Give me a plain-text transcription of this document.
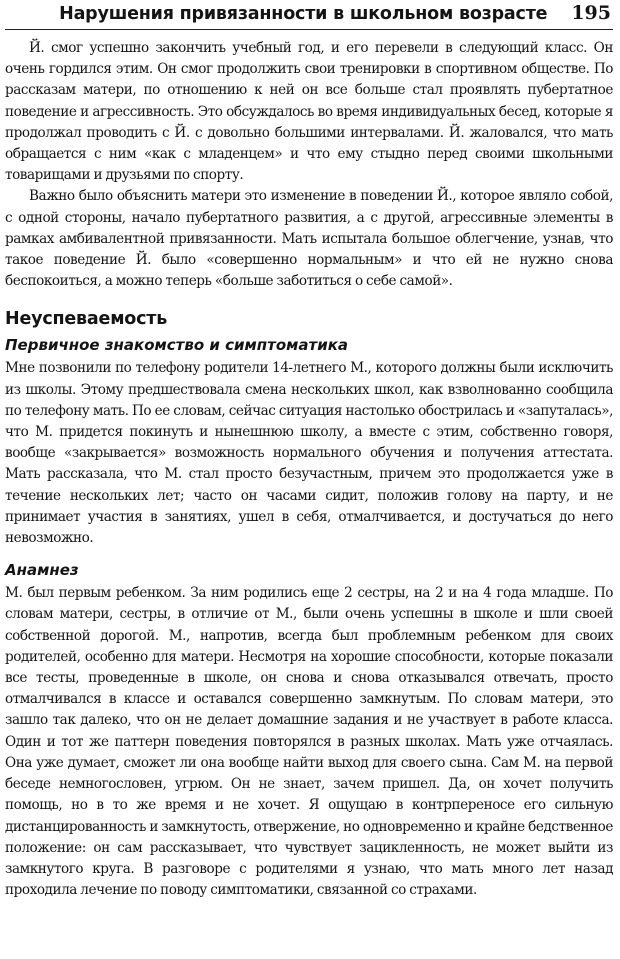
Нарушения привязанности в школьном возрасте 195

Й. смог успешно закончить учебный год, и его перевели в следующий класс. Он очень гордился этим. Он смог продолжить свои тренировки в спортивном обществе. По рассказам матери, по отношению к ней он все больше стал проявлять пубертатное поведение и агрессивность. Это обсуждалось во время индивидуальных бесед, которые я продолжал проводить с Й. с довольно большими интервалами. Й. жаловался, что мать обращается с ним «как с младенцем» и что ему стыдно перед своими школьными товарищами и друзьями по спорту.

Важно было объяснить матери это изменение в поведении Й., которое являло собой, с одной стороны, начало пубертатного развития, а с другой, агрессивные элементы в рамках амбивалентной привязанности. Мать испытала большое облегчение, узнав, что такое поведение Й. было «совершенно нормальным» и что ей не нужно снова беспокоиться, а можно теперь «больше заботиться о себе самой».

Неуспеваемость
Первичное знакомство и симптоматика

Мне позвонили по телефону родители 14-летнего М., которого должны были исключить из школы. Этому предшествовала смена нескольких школ, как взволнованно сообщила по телефону мать. По ее словам, сейчас ситуация настолько обострилась и «запуталась», что М. придется покинуть и нынешнюю школу, а вместе с этим, собственно говоря, вообще «закрывается» возможность нормального обучения и получения аттестата. Мать рассказала, что М. стал просто безучастным, причем это продолжается уже в течение нескольких лет; часто он часами сидит, положив голову на парту, и не принимает участия в занятиях, ушел в себя, отмалчивается, и достучаться до него невозможно.

Анамнез

М. был первым ребенком. За ним родились еще 2 сестры, на 2 и на 4 года младше. По словам матери, сестры, в отличие от М., были очень успешны в школе и шли своей собственной дорогой. М., напротив, всегда был проблемным ребенком для своих родителей, особенно для матери. Несмотря на хорошие способности, которые показали все тесты, проведенные в школе, он снова и снова отказывался отвечать, просто отмалчивался в классе и оставался совершенно замкнутым. По словам матери, это зашло так далеко, что он не делает домашние задания и не участвует в работе класса. Один и тот же паттерн поведения повторялся в разных школах. Мать уже отчаялась. Она уже думает, сможет ли она вообще найти выход для своего сына. Сам М. на первой беседе немногословен, угрюм. Он не знает, зачем пришел. Да, он хочет получить помощь, но в то же время и не хочет. Я ощущаю в контрпереносе его сильную дистанцированность и замкнутость, отвержение, но одновременно и крайне бедственное положение: он сам рассказывает, что чувствует зацикленность, не может выйти из замкнутого круга. В разговоре с родителями я узнаю, что мать много лет назад проходила лечение по поводу симптоматики, связанной со страхами.
